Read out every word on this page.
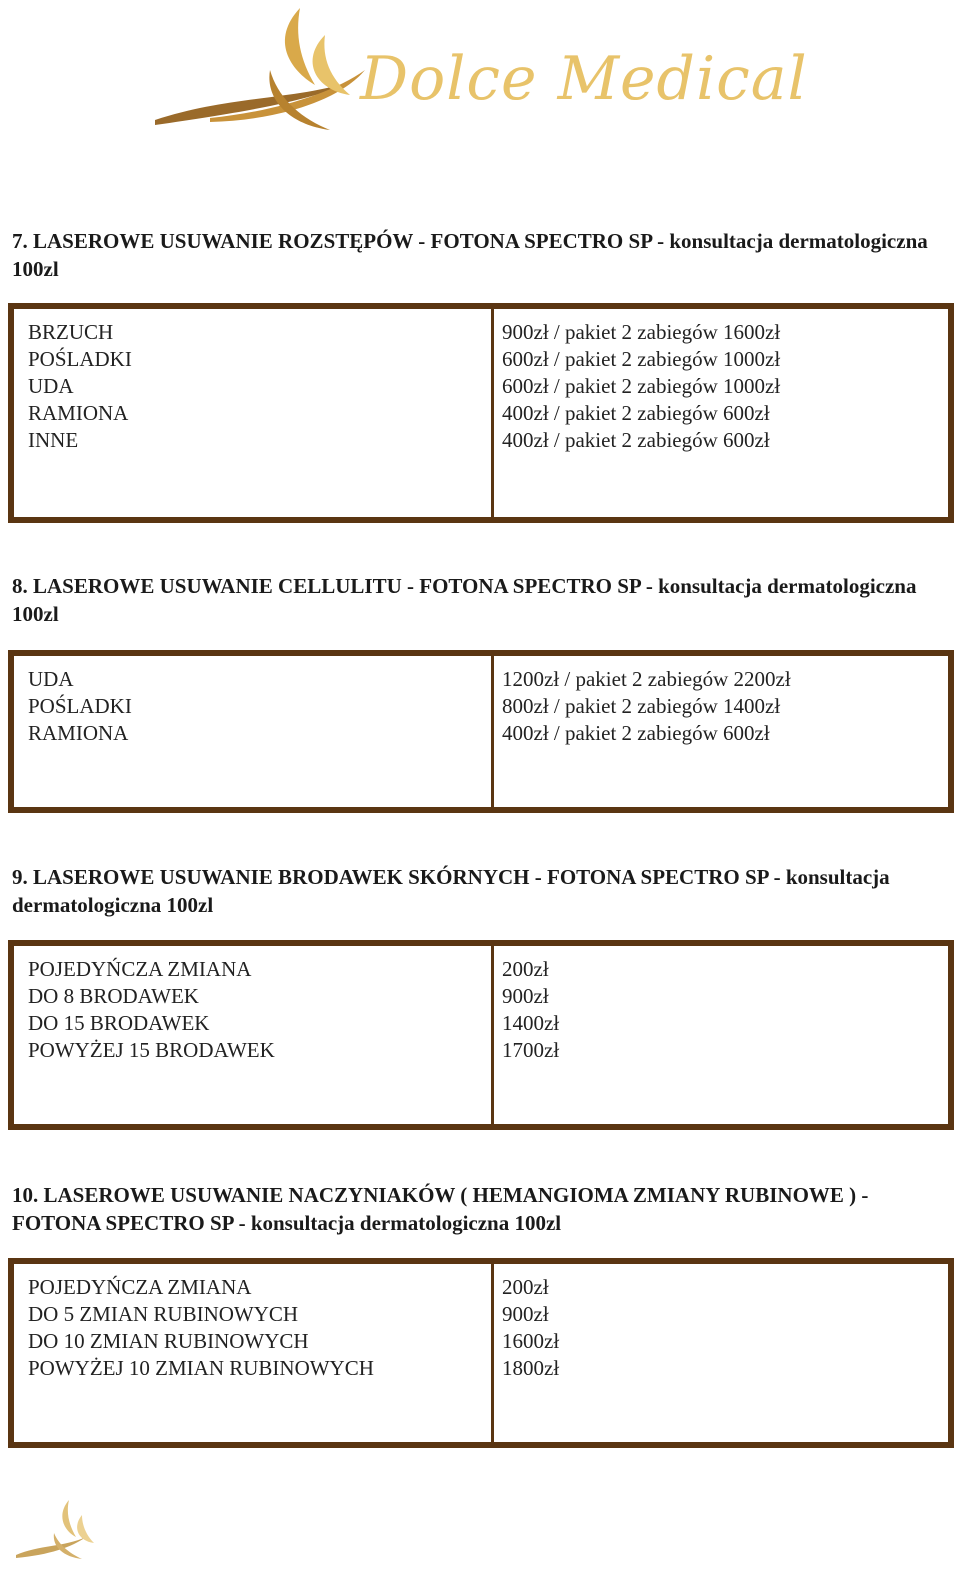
Dolce Medical
7. LASEROWE USUWANIE ROZSTĘPÓW - FOTONA SPECTRO SP - konsultacja dermatologiczna 100zl
BRZUCH
POŚLADKI
UDA
RAMIONA
INNE
900zł / pakiet 2 zabiegów 1600zł
600zł / pakiet 2 zabiegów 1000zł
600zł / pakiet 2 zabiegów 1000zł
400zł / pakiet 2 zabiegów 600zł
400zł / pakiet 2 zabiegów 600zł
8. LASEROWE USUWANIE CELLULITU - FOTONA SPECTRO SP - konsultacja dermatologiczna 100zl
UDA
POŚLADKI
RAMIONA
1200zł / pakiet 2 zabiegów 2200zł
800zł / pakiet 2 zabiegów 1400zł
400zł / pakiet 2 zabiegów 600zł
9. LASEROWE USUWANIE BRODAWEK SKÓRNYCH - FOTONA SPECTRO SP - konsultacja dermatologiczna 100zl
POJEDYŃCZA ZMIANA
DO 8 BRODAWEK
DO 15 BRODAWEK
POWYŻEJ 15 BRODAWEK
200zł
900zł
1400zł
1700zł
10. LASEROWE USUWANIE NACZYNIAKÓW ( HEMANGIOMA ZMIANY RUBINOWE ) - FOTONA SPECTRO SP - konsultacja dermatologiczna 100zl
POJEDYŃCZA ZMIANA
DO 5 ZMIAN RUBINOWYCH
DO 10 ZMIAN RUBINOWYCH
POWYŻEJ 10 ZMIAN RUBINOWYCH
200zł
900zł
1600zł
1800zł
